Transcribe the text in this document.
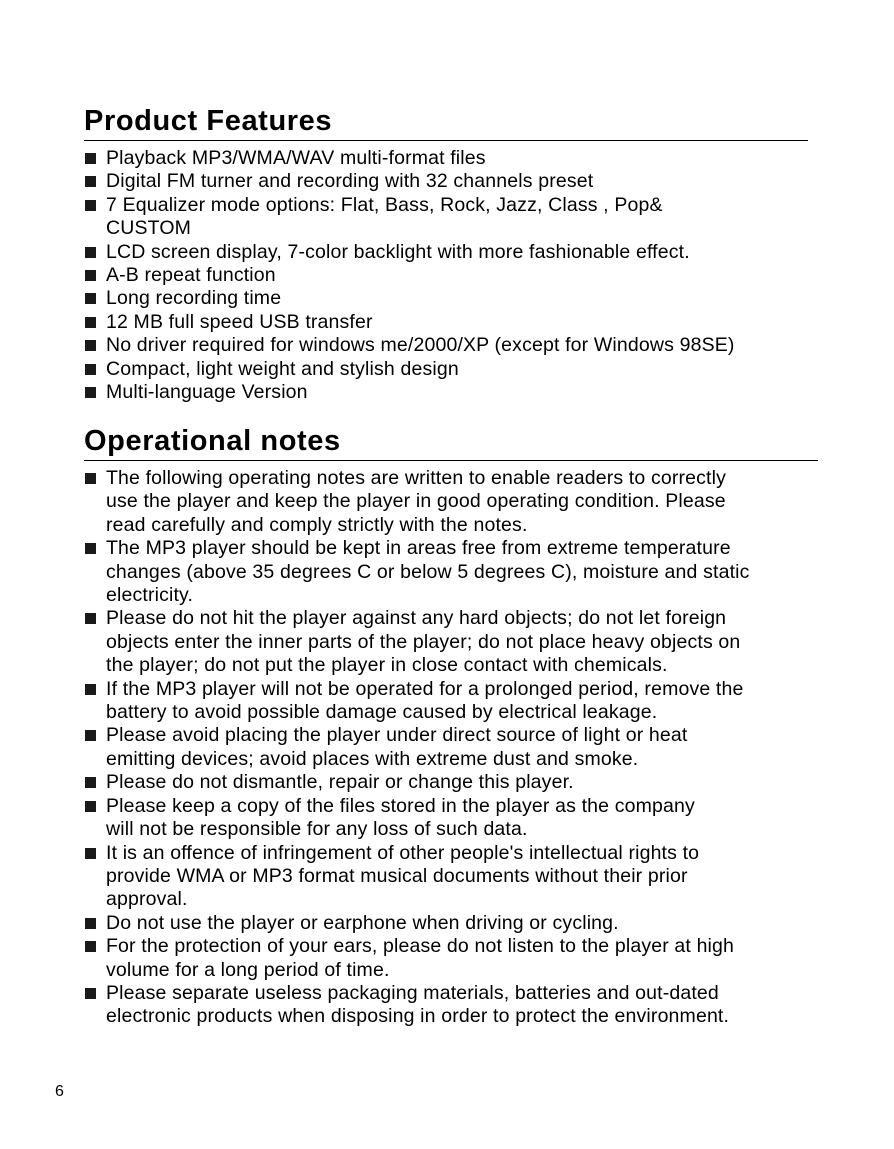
Product Features
Playback MP3/WMA/WAV multi-format files
Digital FM turner and recording with 32 channels preset
7 Equalizer mode options: Flat, Bass, Rock, Jazz, Class , Pop&
CUSTOM
LCD screen display, 7-color backlight with more fashionable effect.
A-B repeat function
Long recording time
12 MB full speed USB transfer
No driver required for windows me/2000/XP (except for Windows 98SE)
Compact, light weight and stylish design
Multi-language Version
Operational notes
The following operating notes are written to enable readers to correctly
use the player and keep the player in good operating condition. Please
read carefully and comply strictly with the notes.
The MP3 player should be kept in areas free from extreme temperature
changes (above 35 degrees C or below 5 degrees C), moisture and static
electricity.
Please do not hit the player against any hard objects; do not let foreign
objects enter the inner parts of the player; do not place heavy objects on
the player; do not put the player in close contact with chemicals.
If the MP3 player will not be operated for a prolonged period, remove the
battery to avoid possible damage caused by electrical leakage.
Please avoid placing the player under direct source of light or heat
emitting devices; avoid places with extreme dust and smoke.
Please do not dismantle, repair or change this player.
Please keep a copy of the files stored in the player as the company
will not be responsible for any loss of such data.
It is an offence of infringement of other people's intellectual rights to
provide WMA or MP3 format musical documents without their prior
approval.
Do not use the player or earphone when driving or cycling.
For the protection of your ears, please do not listen to the player at high
volume for a long period of time.
Please separate useless packaging materials, batteries and out-dated
electronic products when disposing in order to protect the environment.
6
